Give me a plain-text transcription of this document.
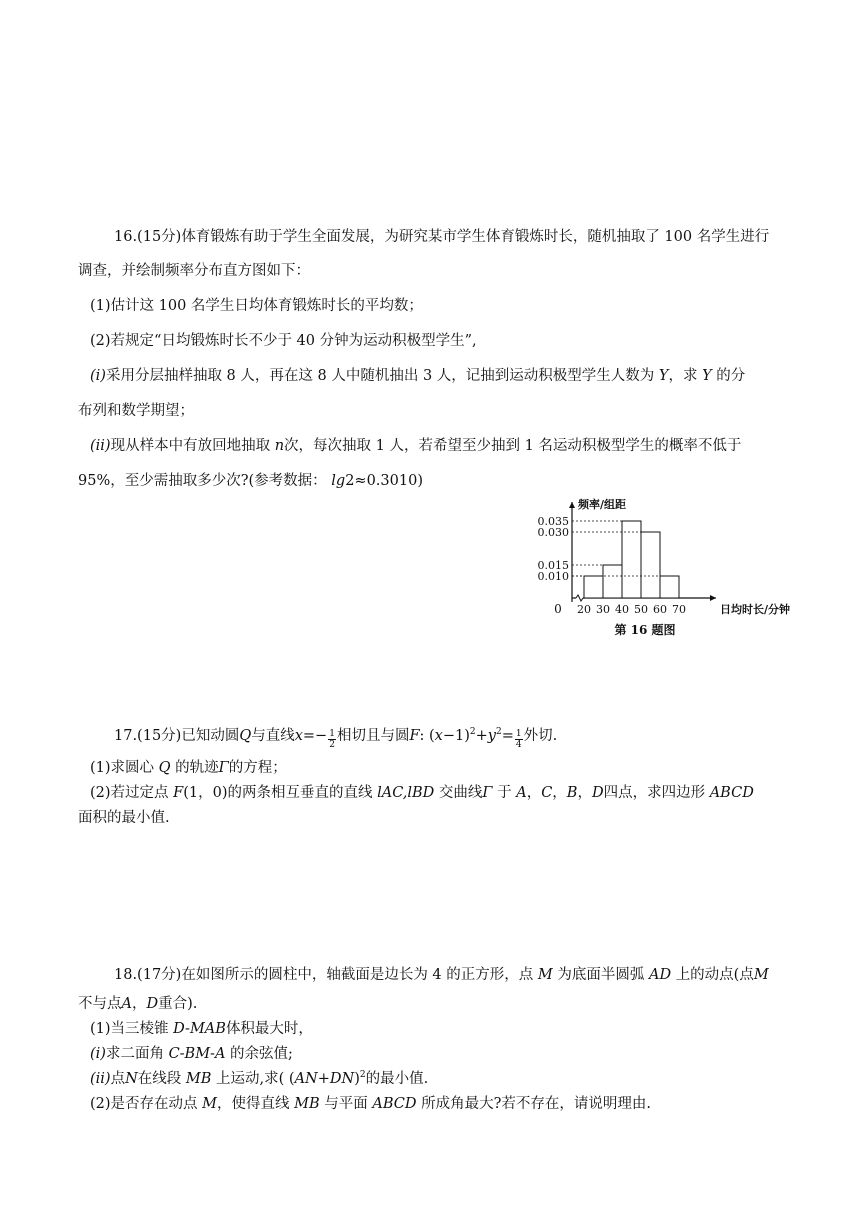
16.(15分)体育锻炼有助于学生全面发展，为研究某市学生体育锻炼时长，随机抽取了 100 名学生进行
调查，并绘制频率分布直方图如下：
(1)估计这 100 名学生日均体育锻炼时长的平均数；
(2)若规定“日均锻炼时长不少于 40 分钟为运动积极型学生”,
(i)采用分层抽样抽取 8 人，再在这 8 人中随机抽出 3 人，记抽到运动积极型学生人数为 Y，求 Y 的分
布列和数学期望；
(ii)现从样本中有放回地抽取 n次，每次抽取 1 人，若希望至少抽到 1 名运动积极型学生的概率不低于
95%，至少需抽取多少次?(参考数据： lg2≈0.3010)
0.035
0.030
0.015
0.010
20 30 40 50 60 70
0
频率/组距
日均时长/分钟
第 16 题图
17.(15分)已知动圆Q与直线$x=- \frac{1}{2}$ 相切且与圆F: $(x-1)^2+y^2= \frac{1}{4}$ 外切.
(1)求圆心 Q 的轨迹Γ的方程；
(2)若过定点 F(1，0)的两条相互垂直的直线 lAC,lBD 交曲线Γ 于 A，C，B，D四点，求四边形 ABCD
面积的最小值.
18.(17分)在如图所示的圆柱中，轴截面是边长为 4 的正方形，点 M 为底面半圆弧 AD 上的动点(点M
不与点A，D重合).
(1)当三棱锥 D-MAB体积最大时，
(i)求二面角 C-BM-A 的余弦值;
(ii)点N在线段 MB 上运动,求( $(AN+DN)^2$的最小值.
(2)是否存在动点 M，使得直线 MB 与平面 ABCD 所成角最大?若不存在，请说明理由.
